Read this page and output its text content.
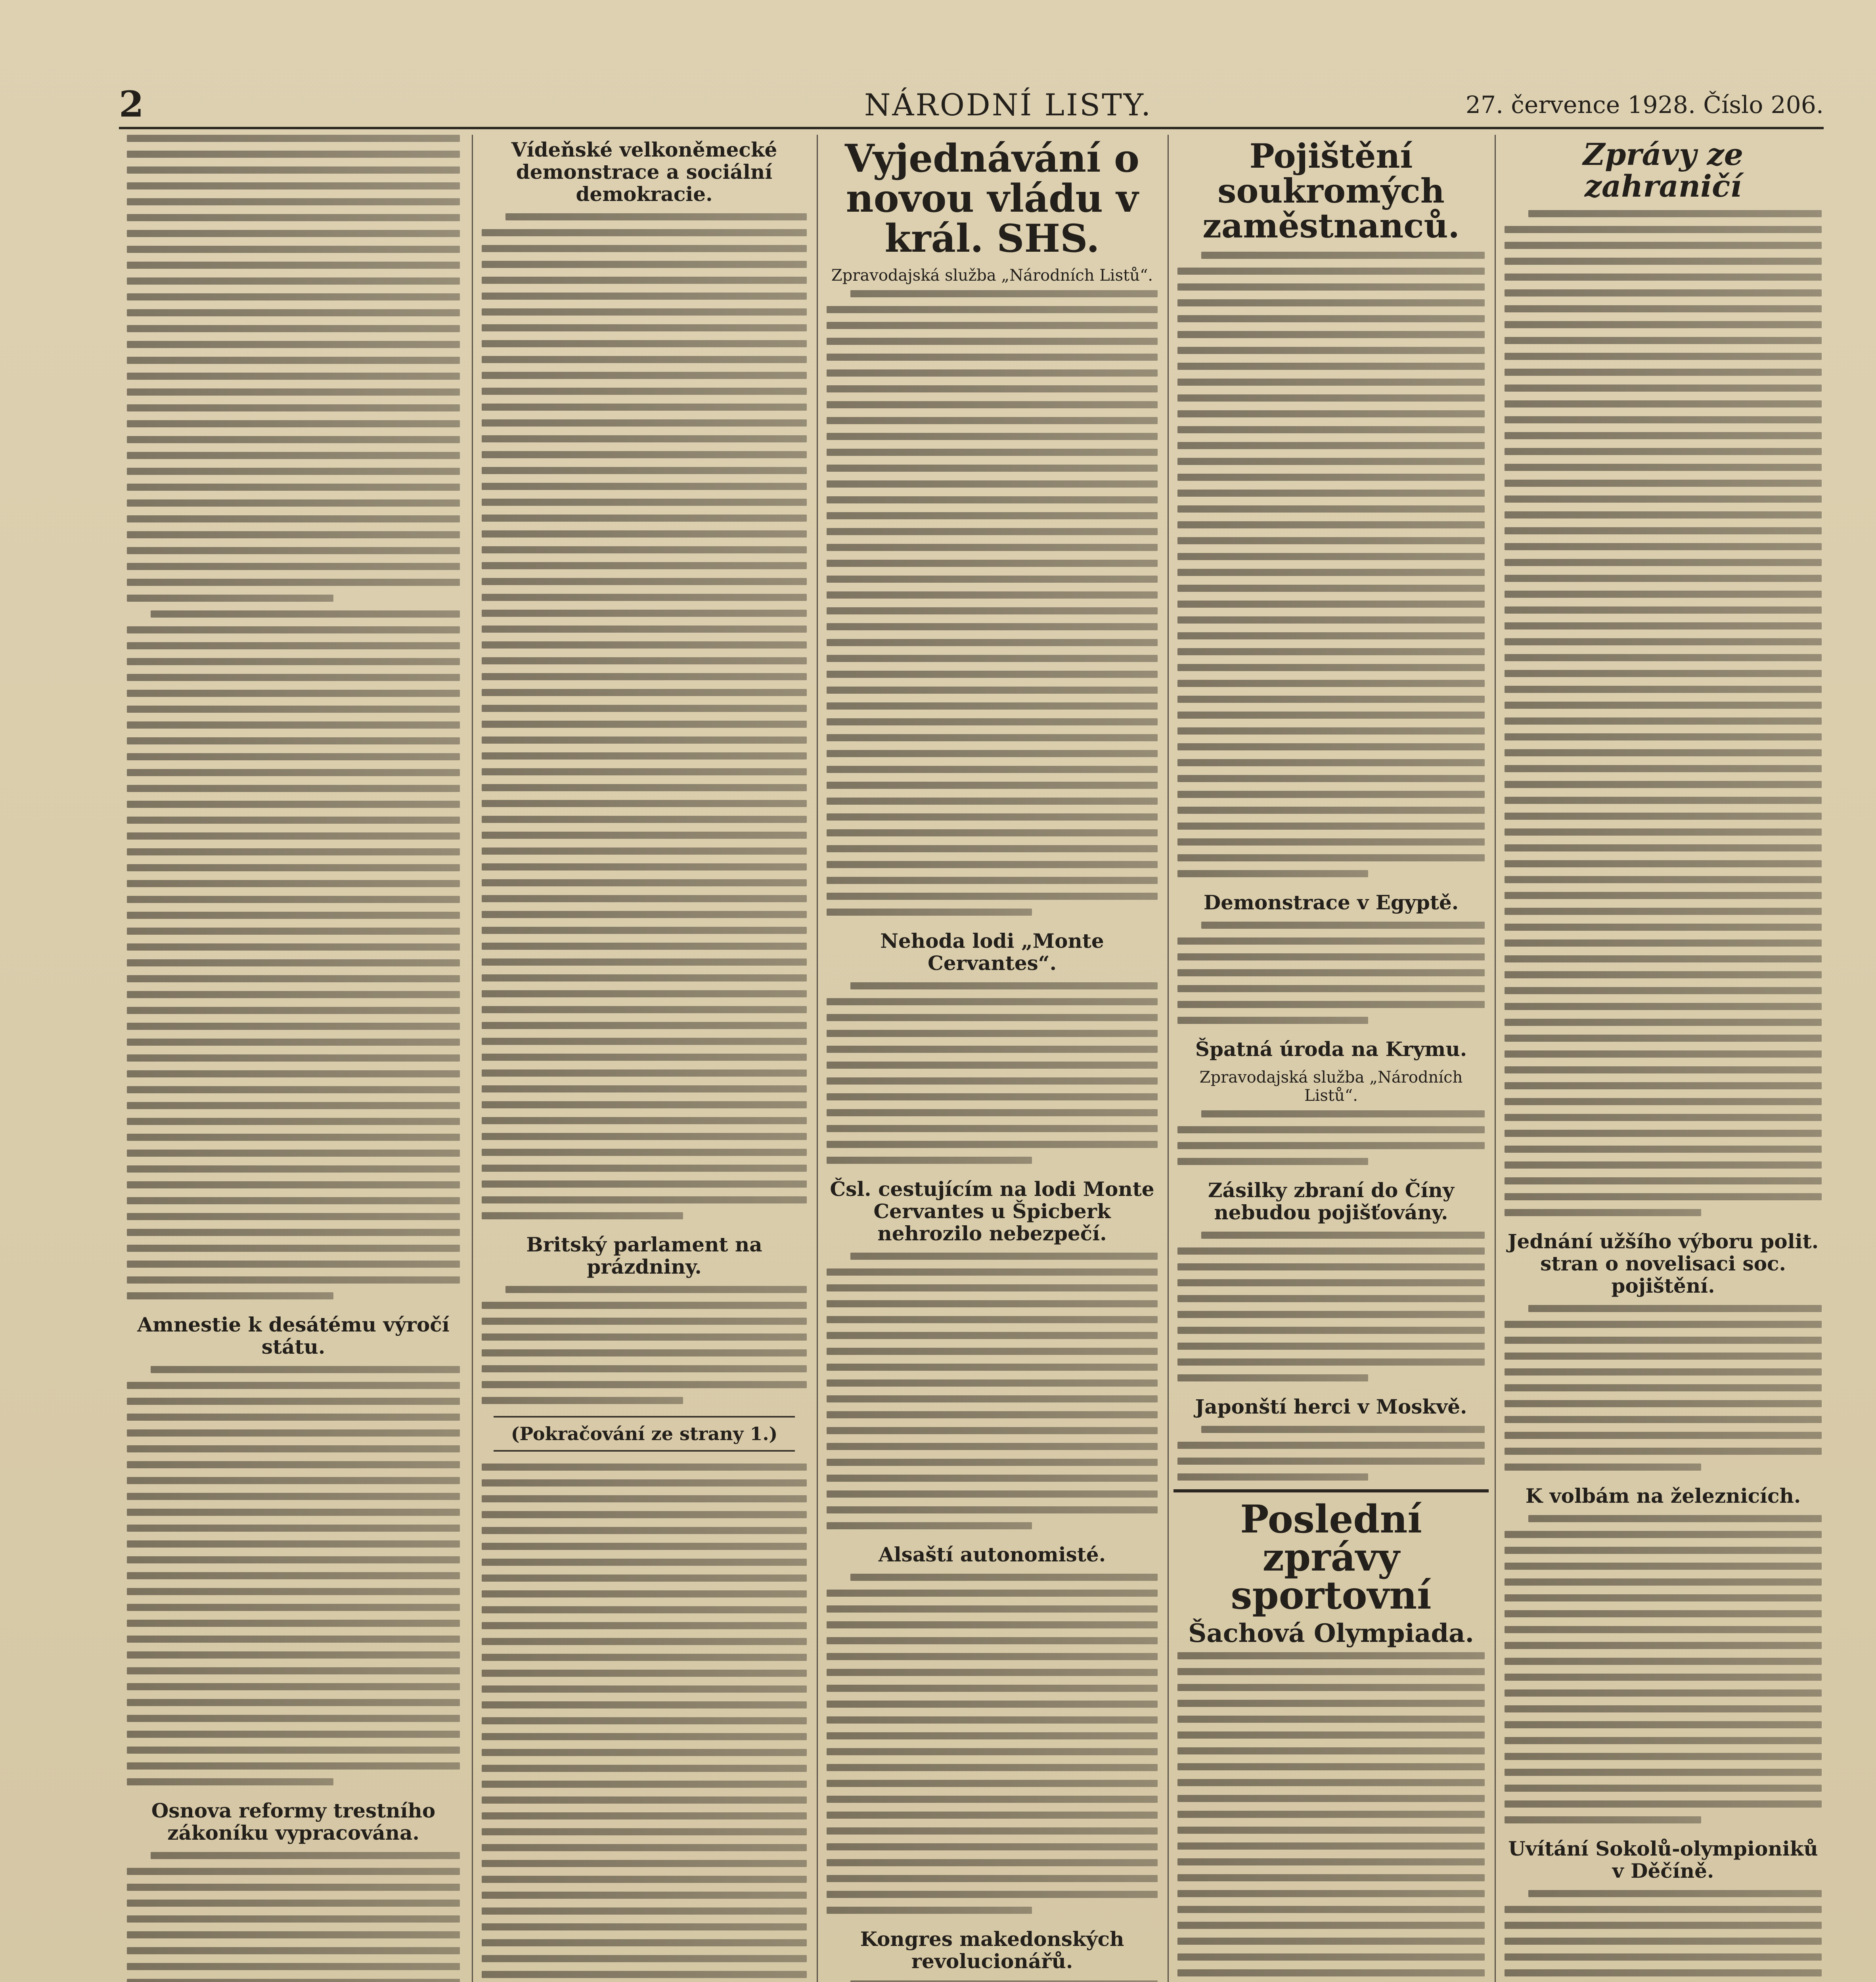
2	NÁRODNÍ LISTY.	27. července 1928. Číslo 206.
Amnestie k desátému výročí státu.
Osnova reformy trestního zákoníku vypracována.
Vídeňské velkoněmecké demonstrace a sociální demokracie.
Britský parlament na prázdniny.
(Pokračování ze strany 1.)
Vyjednávání o novou vládu v král. SHS.
Zpravodajská služba „Národních Listů“.
Nehoda lodi „Monte Cervantes“.
Čsl. cestujícím na lodi Monte Cervantes u Špicberk nehrozilo nebezpečí.
Alsaští autonomisté.
Kongres makedonských revolucionářů.
Pojištění soukromých zaměstnanců.
Demonstrace v Egyptě.
Špatná úroda na Krymu.
Zpravodajská služba „Národních Listů“.
Zásilky zbraní do Číny nebudou pojišťovány.
Japonští herci v Moskvě.
Poslední zprávy sportovní
Šachová Olympiada.
Zprávy ze zahraničí
Jednání užšího výboru polit. stran o novelisaci soc. pojištění.
K volbám na železnicích.
Uvítání Sokolů-olympioniků v Děčíně.
